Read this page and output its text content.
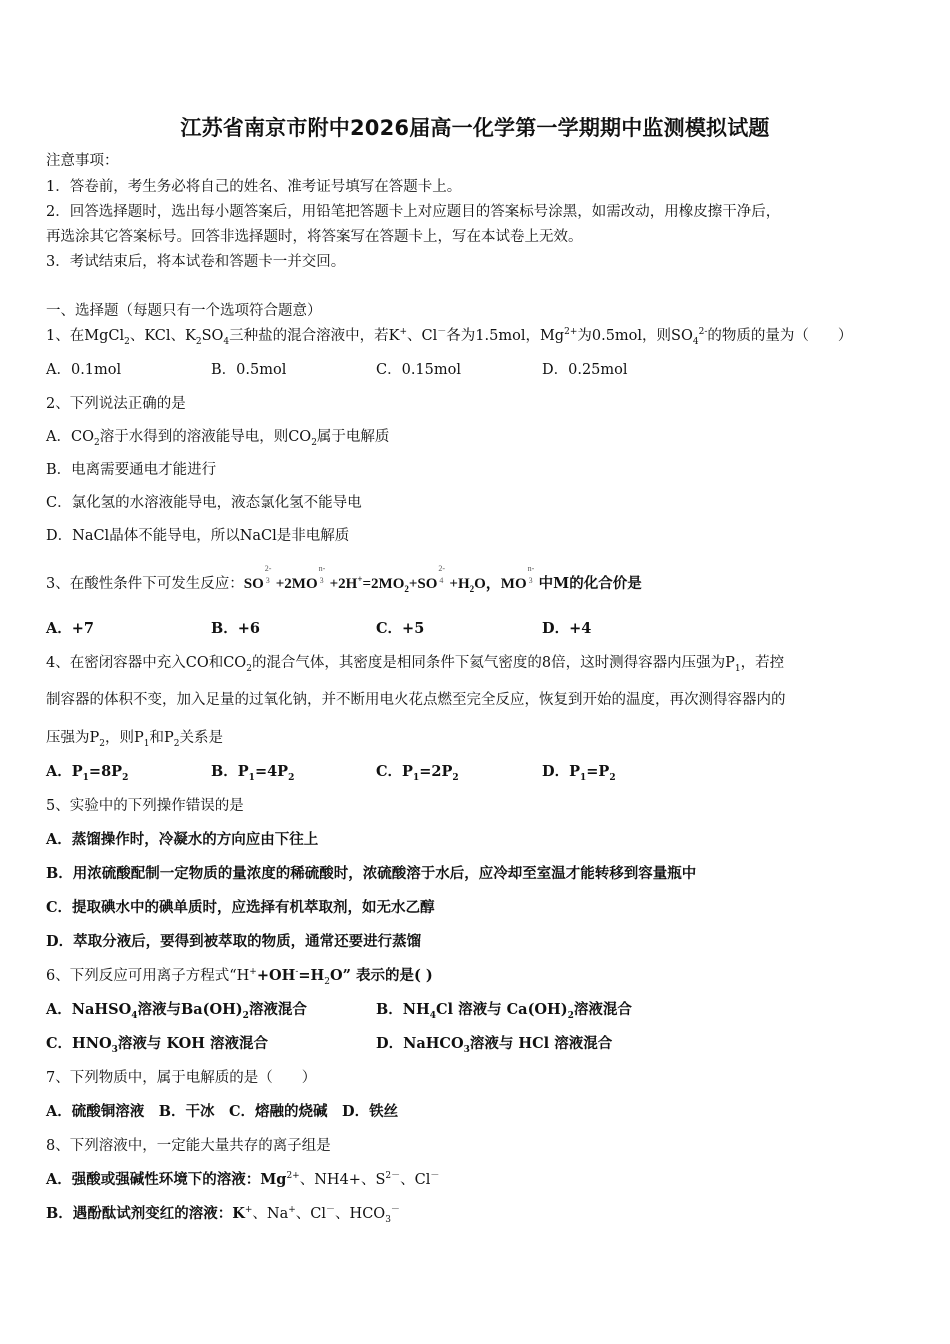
江苏省南京市附中2026届高一化学第一学期期中监测模拟试题
注意事项：
1．答卷前，考生务必将自己的姓名、准考证号填写在答题卡上。
2．回答选择题时，选出每小题答案后，用铅笔把答题卡上对应题目的答案标号涂黑，如需改动，用橡皮擦干净后，
再选涂其它答案标号。回答非选择题时，将答案写在答题卡上，写在本试卷上无效。
3．考试结束后，将本试卷和答题卡一并交回。
一、选择题（每题只有一个选项符合题意）
1、在MgCl$_2$、KCl、$K_2SO_4$三种盐的混合溶液中，若K+、Cl－各为1.5mol，$Mg^{2+}$为0.5mol，则$SO_4^{2-}$的物质的量为（　　）
A．0.1mol	B．0.5mol	C．0.15mol	D．0.25mol
2、下列说法正确的是
A．$CO_2$溶于水得到的溶液能导电，则$CO_2$属于电解质
B．电离需要通电才能进行
C．氯化氢的水溶液能导电，液态氯化氢不能导电
D．NaCl晶体不能导电，所以NaCl是非电解质
3、在酸性条件下可发生反应：SO
2-
3 +2MO
n-
$3 +2H^+=2MO_2+SO$
2-
$4 +H_2O$，MO
n-
3 中M的化合价是
A．+7	B．+6	C．+5	D．+4
4、在密闭容器中充入CO和$CO_2$的混合气体，其密度是相同条件下氦气密度的8倍，这时测得容器内压强为$P_1$，若控
制容器的体积不变，加入足量的过氧化钠，并不断用电火花点燃至完全反应，恢复到开始的温度，再次测得容器内的
压强为$P_2$，则$P_1$和$P_2$关系是
A．$P_1=8P_2$	B．$P_1=4P_2$	C．$P_1=2P_2$	D．$P_1=P_2$
5、实验中的下列操作错误的是
A．蒸馏操作时，冷凝水的方向应由下往上
B．用浓硫酸配制一定物质的量浓度的稀硫酸时，浓硫酸溶于水后，应冷却至室温才能转移到容量瓶中
C．提取碘水中的碘单质时，应选择有机萃取剂，如无水乙醇
D．萃取分液后，要得到被萃取的物质，通常还要进行蒸馏
6、下列反应可用离子方程式“$H^++OH^-=H_2O$” 表示的是( )
A．NaHSO$_4$溶液与$Ba(OH)_2$溶液混合	B．$NH_4Cl$ 溶液与 $Ca(OH)_2$溶液混合
C．$HNO_3$溶液与 KOH 溶液混合	D．NaHCO$_3$溶液与 HCl 溶液混合
7、下列物质中，属于电解质的是（　　）
A．硫酸铜溶液　B．干冰　C．熔融的烧碱　D．铁丝
8、下列溶液中，一定能大量共存的离子组是
A．强酸或强碱性环境下的溶液：$Mg^{2+}$、NH4+、$S^{2-}$、Cl－
B．遇酚酞试剂变红的溶液：K+、Na+、Cl－、$HCO_3^-$
